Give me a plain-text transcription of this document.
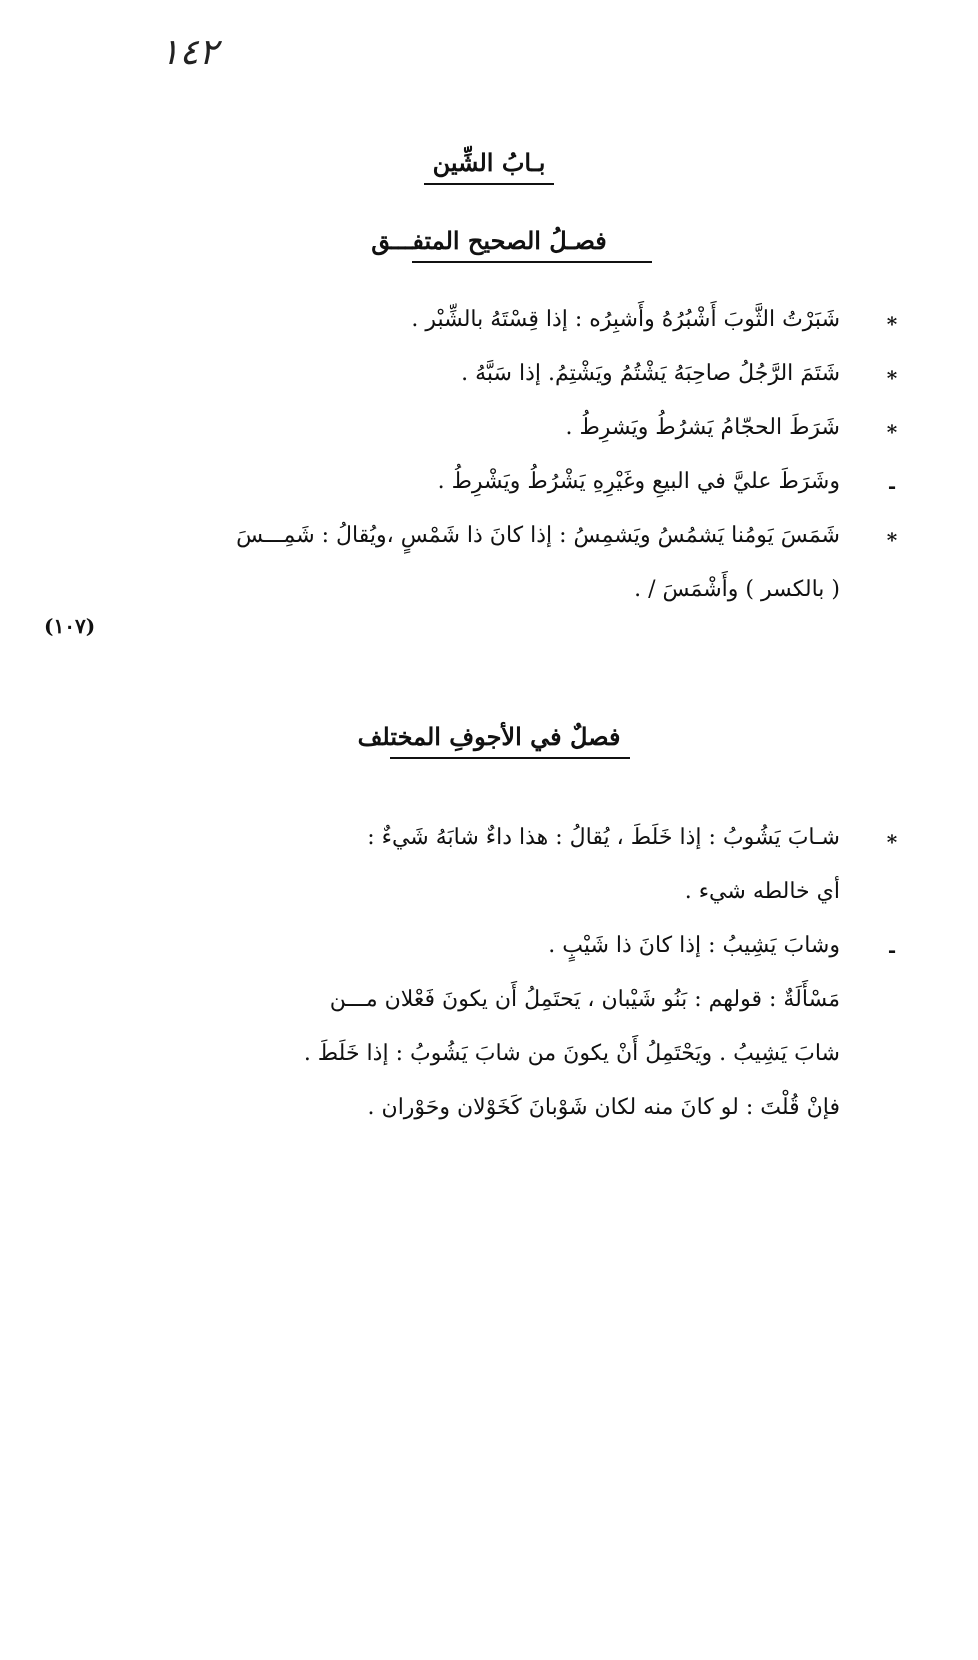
١٤٢
بـابُ الشِّين
فصـلُ الصحيح المتفـــق
*
شَبَرْتُ الثَّوبَ أَشْبُرُهُ وأَشبِرُه : إذا قِسْتَهُ بالشِّبْر .
*
شَتَمَ الرَّجُلُ صاحِبَهُ يَشْتُمُ ويَشْتِمُ. إذا سَبَّهُ .
*
شَرَطَ الحجّامُ يَشرُطُ ويَشرِطُ .
-
وشَرَطَ عليَّ في البيعِ وغَيْرِهِ يَشْرُطُ ويَشْرِطُ .
*
شَمَسَ يَومُنا يَشمُسُ ويَشمِسُ : إذا كانَ ذا شَمْسٍ ،ويُقالُ : شَمِـــسَ
( بالكسر ) وأَشْمَسَ / .
(١٠٧)
فصلٌ في الأجوفِ المختلف
*
شـابَ يَشُوبُ : إذا خَلَطَ ، يُقالُ : هذا داءٌ شابَهُ شَيءٌ :
أي خالطه شيء .
-
وشابَ يَشِيبُ : إذا كانَ ذا شَيْبٍ .
مَسْأَلَةٌ : قولهم : بَنُو شَيْبان ، يَحتَمِلُ أَن يكونَ فَعْلان مـــن
شابَ يَشِيبُ . ويَحْتَمِلُ أَنْ يكونَ من شابَ يَشُوبُ : إذا خَلَطَ .
فإنْ قُلْتَ : لو كانَ منه لكان شَوْبانَ كَخَوْلان وحَوْران .
